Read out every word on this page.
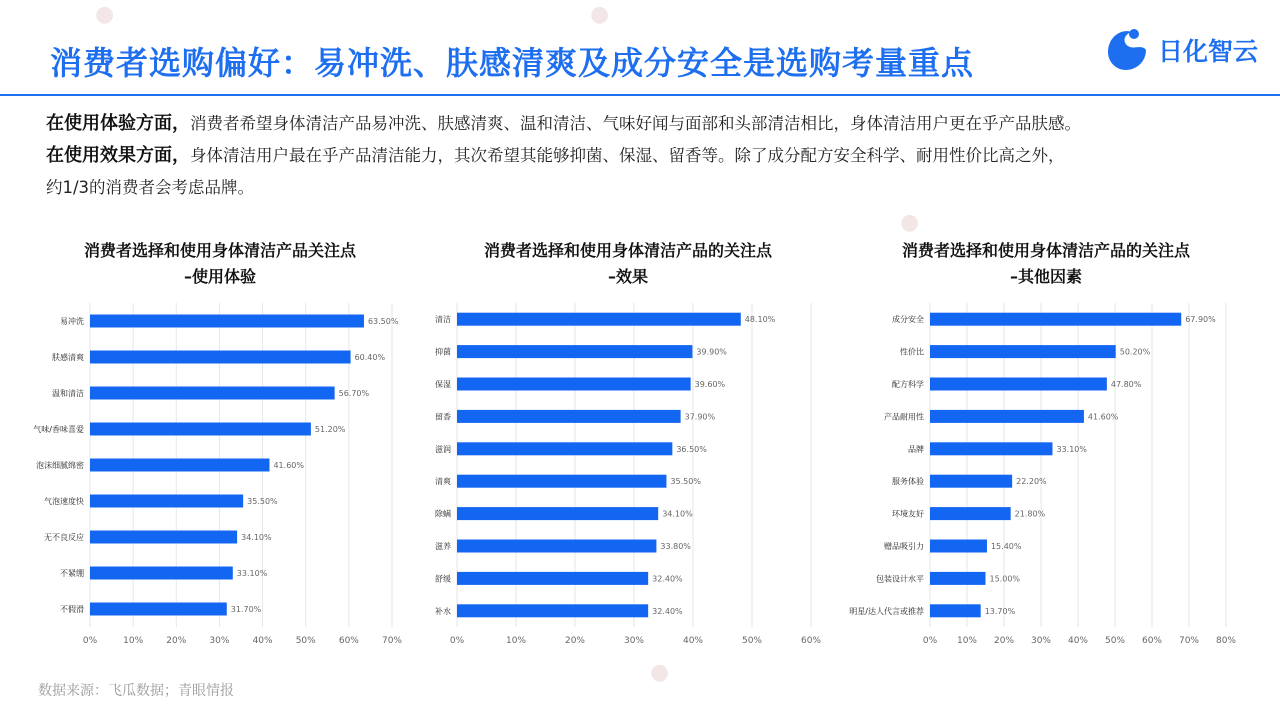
●	●
●
●
消费者选购偏好：易冲洗、肤感清爽及成分安全是选购考量重点	日化智云

在使用体验方面，消费者希望身体清洁产品易冲洗、肤感清爽、温和清洁、气味好闻与面部和头部清洁相比，身体清洁用户更在乎产品肤感。

在使用效果方面，身体清洁用户最在乎产品清洁能力，其次希望其能够抑菌、保湿、留香等。除了成分配方安全科学、耐用性价比高之外，

约1/3的消费者会考虑品牌。

消费者选择和使用身体清洁产品关注点
–使用体验
消费者选择和使用身体清洁产品的关注点
–效果
消费者选择和使用身体清洁产品的关注点
–其他因素
0%	10%	20%	30%	40%	50%	60%	70%
易冲洗	63.50%
肤感清爽	60.40%
温和清洁	56.70%
气味/香味喜爱	51.20%
泡沫细腻绵密	41.60%
气泡速度快	35.50%
无不良反应	34.10%
不紧绷	33.10%
不假滑	31.70%
0%	10%	20%	30%	40%	50%	60%
清洁	48.10%
抑菌	39.90%
保湿	39.60%
留香	37.90%
滋润	36.50%
清爽	35.50%
除螨	34.10%
滋养	33.80%
舒缓	32.40%
补水	32.40%
0% 10% 20% 30% 40% 50% 60% 70% 80%
成分安全	67.90%
性价比	50.20%
配方科学	47.80%
产品耐用性	41.60%
品牌	33.10%
服务体验	22.20%
环境友好	21.80%
赠品吸引力	15.40%
包装设计水平	15.00%
明星/达人代言或推荐	13.70%
数据来源：飞瓜数据；青眼情报
